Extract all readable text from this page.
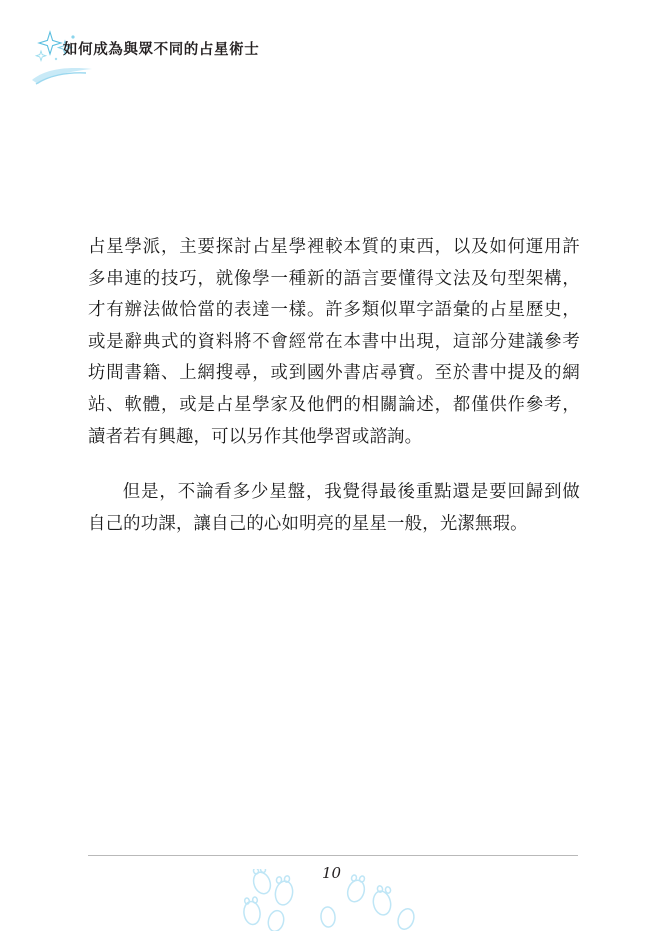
如何成為與眾不同的占星術士

占星學派，主要探討占星學裡較本質的東西，以及如何運用許多串連的技巧，就像學一種新的語言要懂得文法及句型架構，才有辦法做恰當的表達一樣。許多類似單字語彙的占星歷史，或是辭典式的資料將不會經常在本書中出現，這部分建議參考坊間書籍、上網搜尋，或到國外書店尋寶。至於書中提及的網站、軟體，或是占星學家及他們的相關論述，都僅供作參考，讀者若有興趣，可以另作其他學習或諮詢。

但是，不論看多少星盤，我覺得最後重點還是要回歸到做自己的功課，讓自己的心如明亮的星星一般，光潔無瑕。

10
